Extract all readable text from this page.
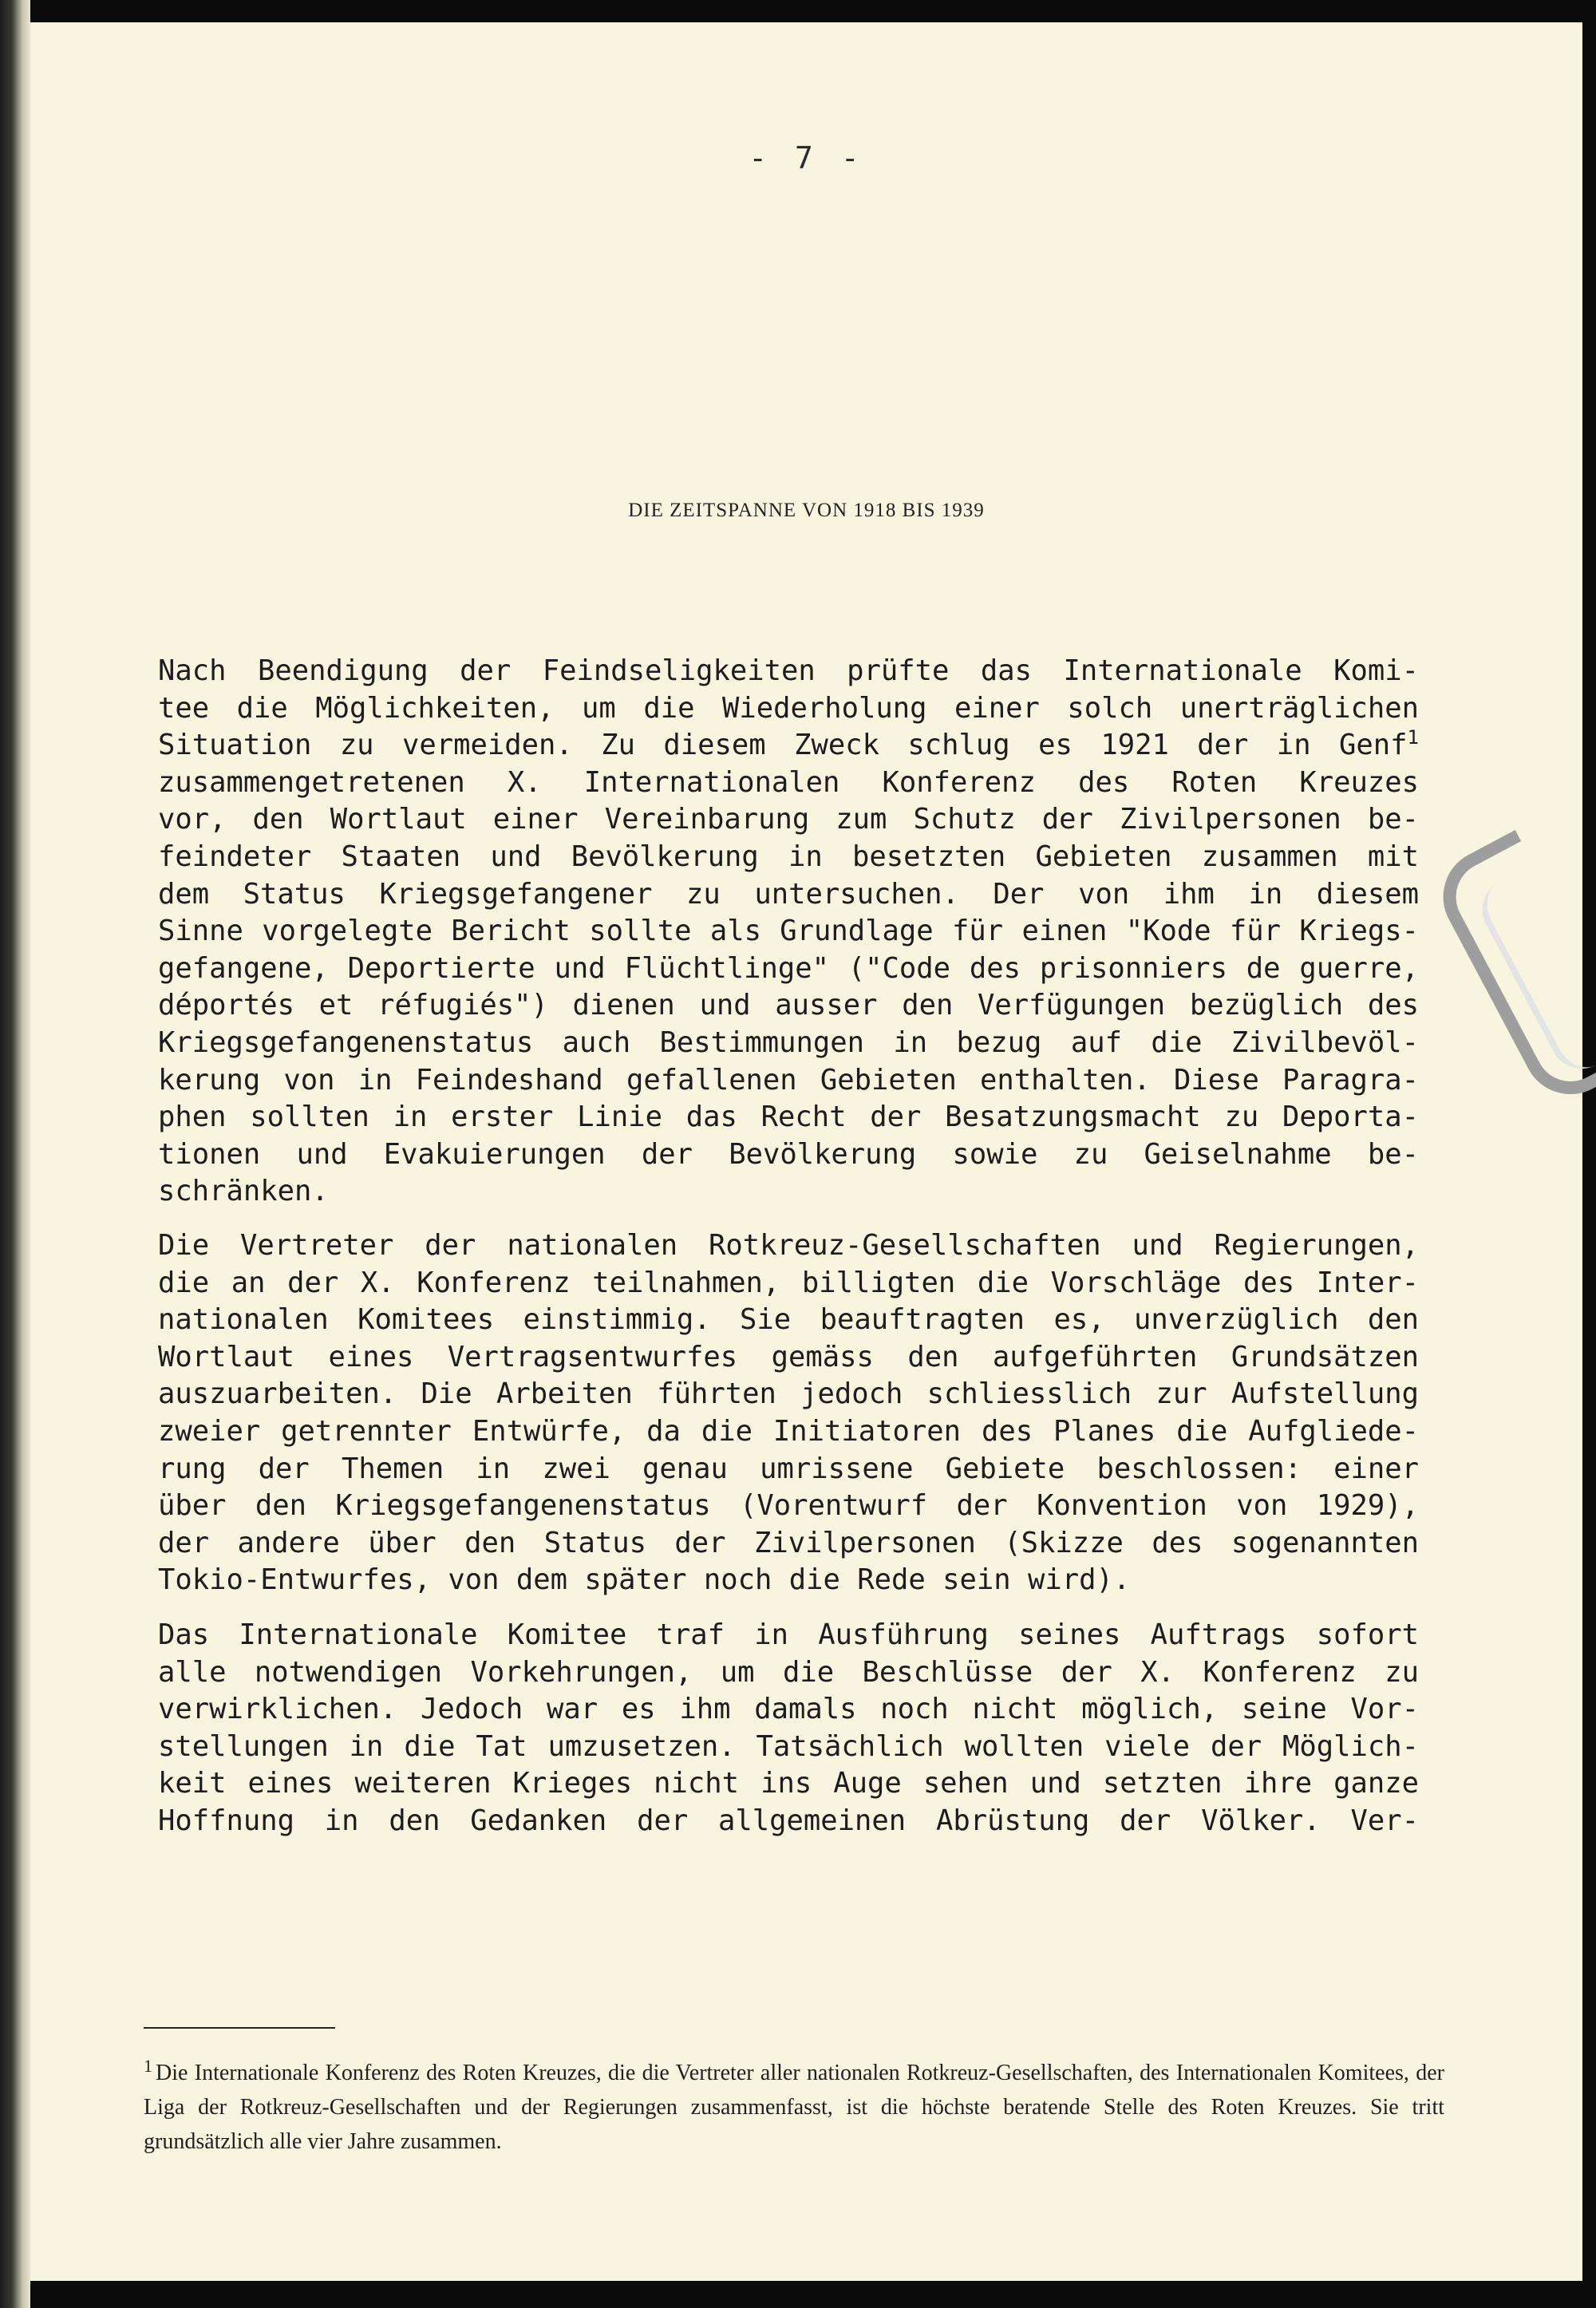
- 7 -
DIE ZEITSPANNE VON 1918 BIS 1939

Nach Beendigung der Feindseligkeiten prüfte das Internationale Komi-
tee die Möglichkeiten, um die Wiederholung einer solch unerträglichen
Situation zu vermeiden. Zu diesem Zweck schlug es 1921 der in Genf$^1$
zusammengetretenen X. Internationalen Konferenz des Roten Kreuzes
vor, den Wortlaut einer Vereinbarung zum Schutz der Zivilpersonen be-
feindeter Staaten und Bevölkerung in besetzten Gebieten zusammen mit
dem Status Kriegsgefangener zu untersuchen. Der von ihm in diesem
Sinne vorgelegte Bericht sollte als Grundlage für einen "Kode für Kriegs-
gefangene, Deportierte und Flüchtlinge" ("Code des prisonniers de guerre,
déportés et réfugiés") dienen und ausser den Verfügungen bezüglich des
Kriegsgefangenenstatus auch Bestimmungen in bezug auf die Zivilbevöl-
kerung von in Feindeshand gefallenen Gebieten enthalten. Diese Paragra-
phen sollten in erster Linie das Recht der Besatzungsmacht zu Deporta-
tionen und Evakuierungen der Bevölkerung sowie zu Geiselnahme be-
schränken.

Die Vertreter der nationalen Rotkreuz-Gesellschaften und Regierungen,
die an der X. Konferenz teilnahmen, billigten die Vorschläge des Inter-
nationalen Komitees einstimmig. Sie beauftragten es, unverzüglich den
Wortlaut eines Vertragsentwurfes gemäss den aufgeführten Grundsätzen
auszuarbeiten. Die Arbeiten führten jedoch schliesslich zur Aufstellung
zweier getrennter Entwürfe, da die Initiatoren des Planes die Aufgliede-
rung der Themen in zwei genau umrissene Gebiete beschlossen: einer
über den Kriegsgefangenenstatus (Vorentwurf der Konvention von 1929),
der andere über den Status der Zivilpersonen (Skizze des sogenannten
Tokio-Entwurfes, von dem später noch die Rede sein wird).

Das Internationale Komitee traf in Ausführung seines Auftrags sofort
alle notwendigen Vorkehrungen, um die Beschlüsse der X. Konferenz zu
verwirklichen. Jedoch war es ihm damals noch nicht möglich, seine Vor-
stellungen in die Tat umzusetzen. Tatsächlich wollten viele der Möglich-
keit eines weiteren Krieges nicht ins Auge sehen und setzten ihre ganze
Hoffnung in den Gedanken der allgemeinen Abrüstung der Völker. Ver-

$^1$ Die Internationale Konferenz des Roten Kreuzes, die die Vertreter aller nationalen Rotkreuz-Gesellschaften, des Internationalen Komitees, der Liga der Rotkreuz-Gesellschaften und der Regierungen zusammenfasst, ist die höchste beratende Stelle des Roten Kreuzes. Sie tritt grundsätzlich alle vier Jahre zusammen.
